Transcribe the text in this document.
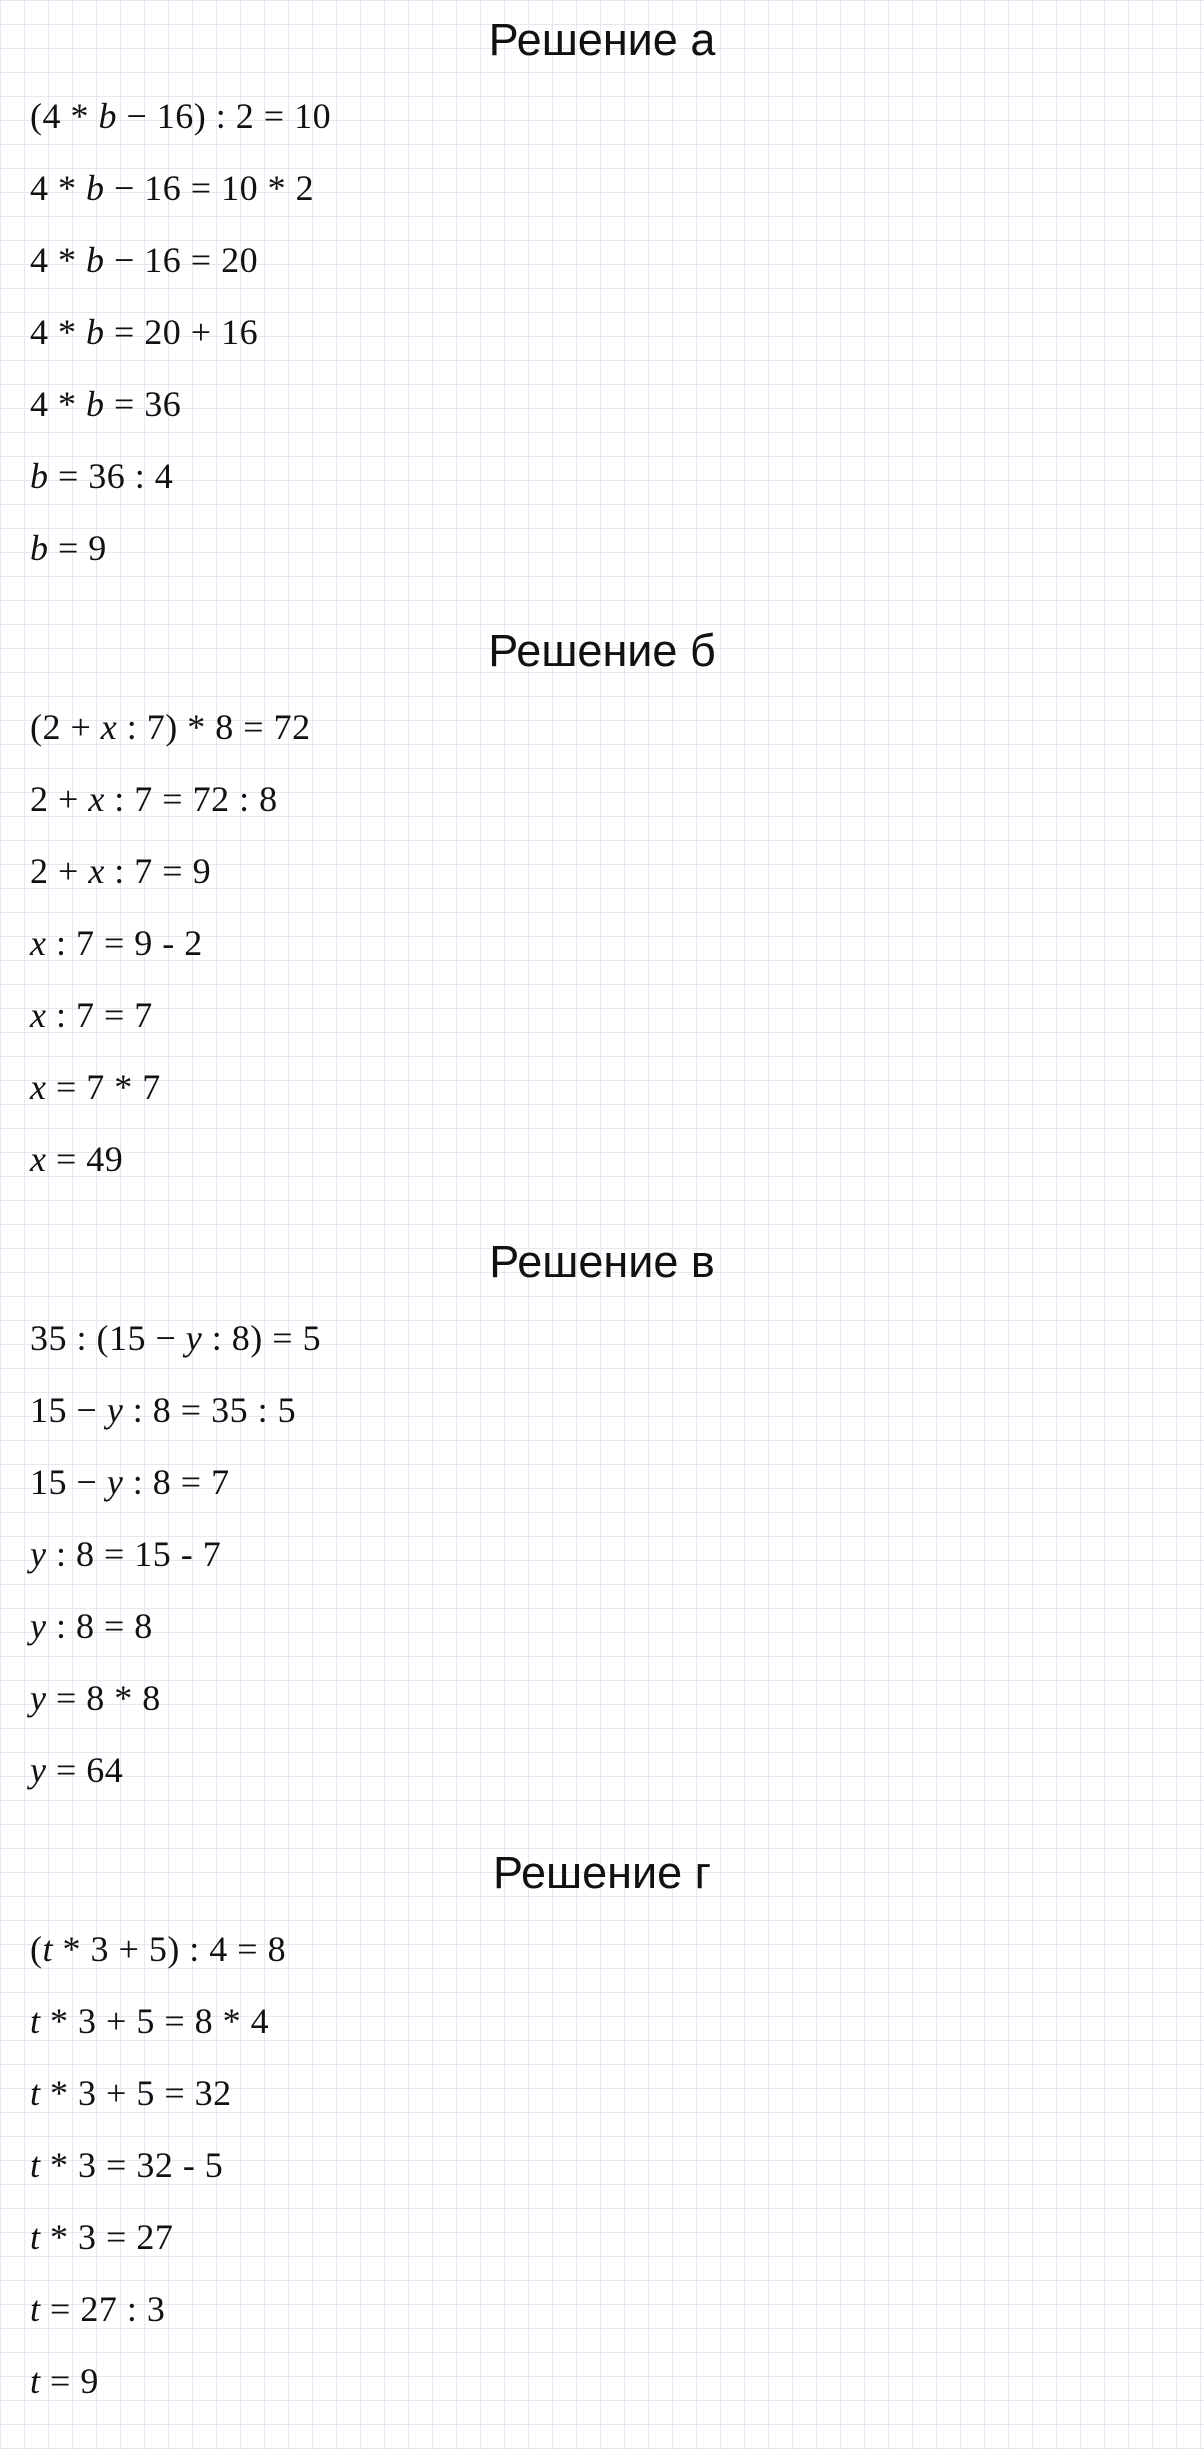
Решение а
(4 * b − 16) : 2 = 10
4 * b − 16 = 10 * 2
4 * b − 16 = 20
4 * b = 20 + 16
4 * b = 36
b = 36 : 4
b = 9
Решение б
(2 + x : 7) * 8 = 72
2 + x : 7 = 72 : 8
2 + x : 7 = 9
x : 7 = 9 - 2
x : 7 = 7
x = 7 * 7
x = 49
Решение в
35 : (15 − y : 8) = 5
15 − y : 8 = 35 : 5
15 − y : 8 = 7
y : 8 = 15 - 7
y : 8 = 8
y = 8 * 8
y = 64
Решение г
(t * 3 + 5) : 4 = 8
t * 3 + 5 = 8 * 4
t * 3 + 5 = 32
t * 3 = 32 - 5
t * 3 = 27
t = 27 : 3
t = 9
